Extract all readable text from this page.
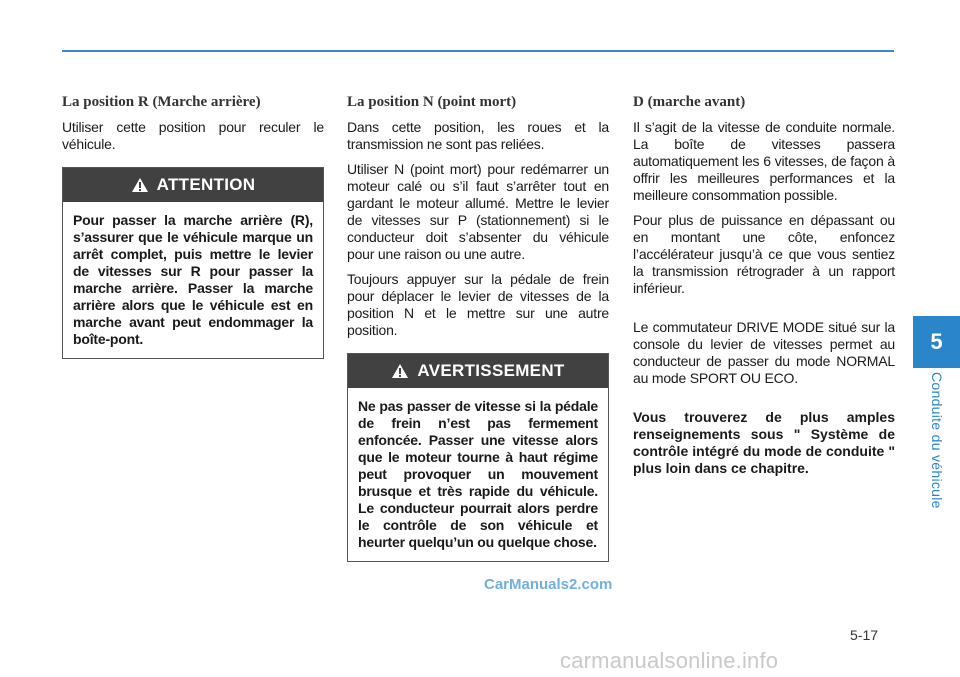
La position R (Marche arrière)

Utiliser cette position pour reculer le véhicule.

ATTENTION

Pour passer la marche arrière (R), s’assurer que le véhicule marque un arrêt complet, puis mettre le levier de vitesses sur R pour passer la marche arrière. Passer la marche arrière alors que le véhicule est en marche avant peut endommager la boîte-pont.

La position N (point mort)

Dans cette position, les roues et la transmission ne sont pas reliées.

Utiliser N (point mort) pour redémarrer un moteur calé ou s’il faut s’arrêter tout en gardant le moteur allumé. Mettre le levier de vitesses sur P (stationnement) si le conducteur doit s’absenter du véhicule pour une raison ou une autre.

Toujours appuyer sur la pédale de frein pour déplacer le levier de vitesses de la position N et le mettre sur une autre position.

AVERTISSEMENT

Ne pas passer de vitesse si la pédale de frein n’est pas fermement enfoncée. Passer une vitesse alors que le moteur tourne à haut régime peut provoquer un mouvement brusque et très rapide du véhicule. Le conducteur pourrait alors perdre le contrôle de son véhicule et heurter quelqu’un ou quelque chose.

D (marche avant)

Il s’agit de la vitesse de conduite normale. La boîte de vitesses passera automatiquement les 6 vitesses, de façon à offrir les meilleures performances et la meilleure consommation possible.

Pour plus de puissance en dépassant ou en montant une côte, enfoncez l’accélérateur jusqu’à ce que vous sentiez la transmission rétrograder à un rapport inférieur.

Le commutateur DRIVE MODE situé sur la console du levier de vitesses permet au conducteur de passer du mode NORMAL au mode SPORT OU ECO.

Vous trouverez de plus amples renseignements sous " Système de contrôle intégré du mode de conduite " plus loin dans ce chapitre.

5
Conduite du véhicule
5-17
CarManuals2.com
carmanualsonline.info
